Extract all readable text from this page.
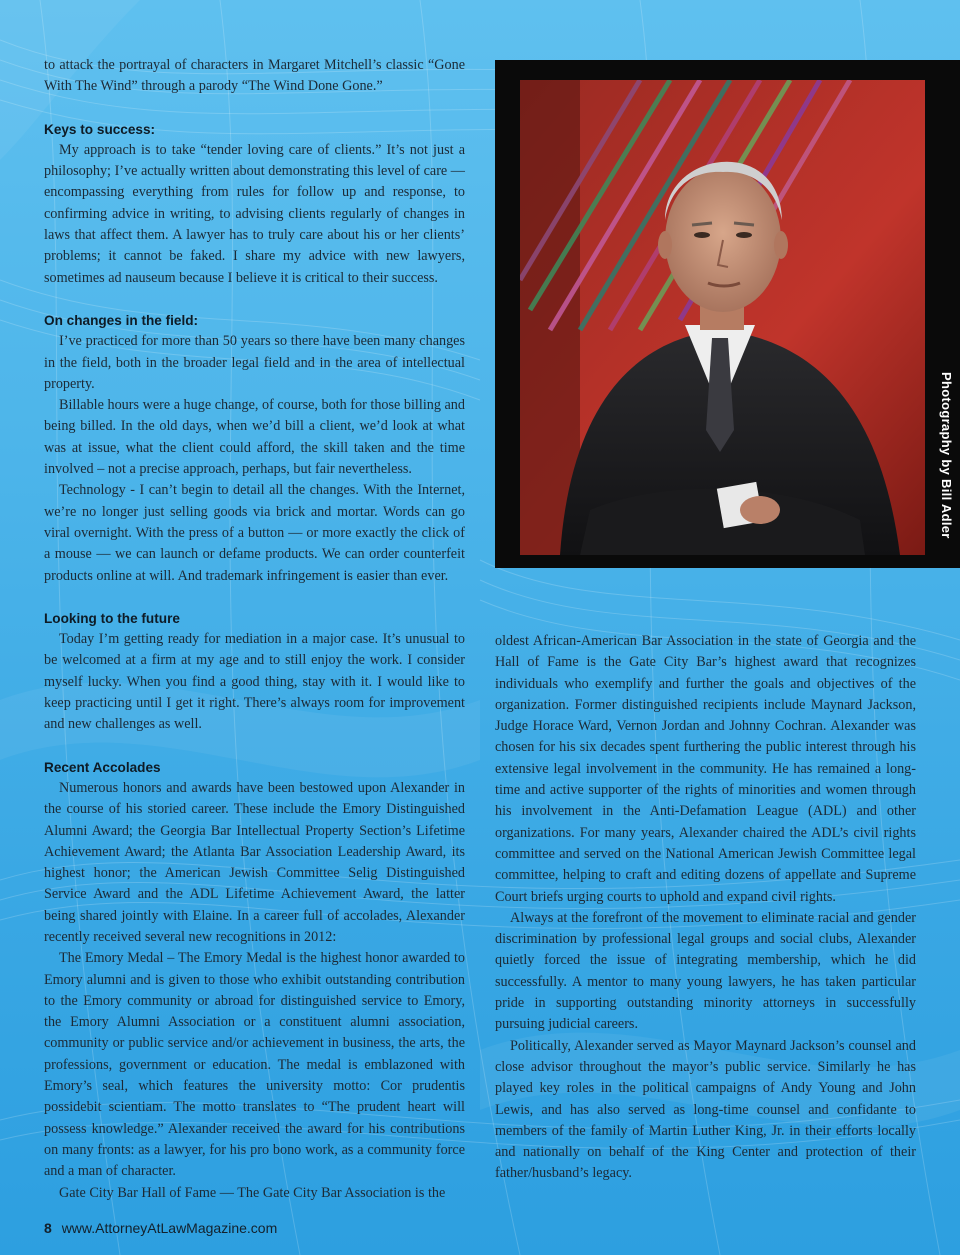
to attack the portrayal of characters in Margaret Mitchell’s classic “Gone With The Wind” through a parody “The Wind Done Gone.”

Keys to success:

My approach is to take “tender loving care of clients.” It’s not just a philosophy; I’ve actually written about demonstrating this level of care — encompassing everything from rules for follow up and response, to confirming advice in writing, to advising clients regularly of changes in laws that affect them. A lawyer has to truly care about his or her clients’ problems; it cannot be faked. I share my advice with new lawyers, sometimes ad nauseum because I believe it is critical to their success.

On changes in the field:

I’ve practiced for more than 50 years so there have been many changes in the field, both in the broader legal field and in the area of intellectual property.

Billable hours were a huge change, of course, both for those billing and being billed. In the old days, when we’d bill a client, we’d look at what was at issue, what the client could afford, the skill taken and the time involved – not a precise approach, perhaps, but fair nevertheless.

Technology - I can’t begin to detail all the changes. With the Internet, we’re no longer just selling goods via brick and mortar. Words can go viral overnight. With the press of a button — or more exactly the click of a mouse — we can launch or defame products. We can order counterfeit products online at will. And trademark infringement is easier than ever.

Looking to the future

Today I’m getting ready for mediation in a major case. It’s unusual to be welcomed at a firm at my age and to still enjoy the work. I consider myself lucky. When you find a good thing, stay with it. I would like to keep practicing until I get it right. There’s always room for improvement and new challenges as well.

Recent Accolades

Numerous honors and awards have been bestowed upon Alexander in the course of his storied career. These include the Emory Distinguished Alumni Award; the Georgia Bar Intellectual Property Section’s Lifetime Achievement Award; the Atlanta Bar Association Leadership Award, its highest honor; the American Jewish Committee Selig Distinguished Service Award and the ADL Lifetime Achievement Award, the latter being shared jointly with Elaine. In a career full of accolades, Alexander recently received several new recognitions in 2012:

The Emory Medal – The Emory Medal is the highest honor awarded to Emory alumni and is given to those who exhibit outstanding contribution to the Emory community or abroad for distinguished service to Emory, the Emory Alumni Association or a constituent alumni association, community or public service and/or achievement in business, the arts, the professions, government or education. The medal is emblazoned with Emory’s seal, which features the university motto: Cor prudentis possidebit scientiam. The motto translates to “The prudent heart will possess knowledge.” Alexander received the award for his contributions on many fronts: as a lawyer, for his pro bono work, as a community force and a man of character.

Gate City Bar Hall of Fame — The Gate City Bar Association is the

Photography by Bill Adler

oldest African-American Bar Association in the state of Georgia and the Hall of Fame is the Gate City Bar’s highest award that recognizes individuals who exemplify and further the goals and objectives of the organization. Former distinguished recipients include Maynard Jackson, Judge Horace Ward, Vernon Jordan and Johnny Cochran. Alexander was chosen for his six decades spent furthering the public interest through his extensive legal involvement in the community. He has remained a long-time and active supporter of the rights of minorities and women through his involvement in the Anti-Defamation League (ADL) and other organizations. For many years, Alexander chaired the ADL’s civil rights committee and served on the National American Jewish Committee legal committee, helping to craft and editing dozens of appellate and Supreme Court briefs urging courts to uphold and expand civil rights.

Always at the forefront of the movement to eliminate racial and gender discrimination by professional legal groups and social clubs, Alexander quietly forced the issue of integrating membership, which he did successfully. A mentor to many young lawyers, he has taken particular pride in supporting outstanding minority attorneys in successfully pursuing judicial careers.

Politically, Alexander served as Mayor Maynard Jackson’s counsel and close advisor throughout the mayor’s public service. Similarly he has played key roles in the political campaigns of Andy Young and John Lewis, and has also served as long-time counsel and confidante to members of the family of Martin Luther King, Jr. in their efforts locally and nationally on behalf of the King Center and protection of their father/husband’s legacy.

8 www.AttorneyAtLawMagazine.com
